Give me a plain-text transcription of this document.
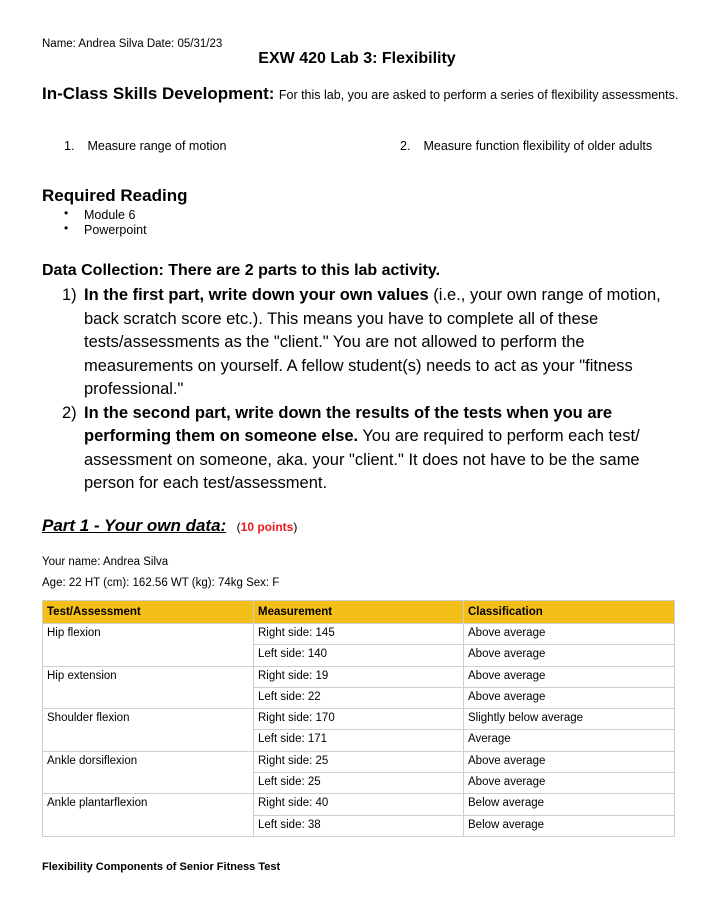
Name: Andrea Silva Date: 05/31/23
EXW 420 Lab 3: Flexibility
In-Class Skills Development: For this lab, you are asked to perform a series of flexibility assessments.
1. Measure range of motion	2. Measure function flexibility of older adults
Required Reading
• Module 6 Powerpoint
•
Data Collection: There are 2 parts to this lab activity.
1) In the first part, write down your own values (i.e., your own range of motion, back scratch score etc.). This means you have to complete all of these tests/assessments as the "client." You are not allowed to perform the measurements on yourself. A fellow student(s) needs to act as your "fitness professional."
2) In the second part, write down the results of the tests when you are performing them on someone else. You are required to perform each test/ assessment on someone, aka. your "client." It does not have to be the same person for each test/assessment.
Part 1 - Your own data: (10 points)
Your name: Andrea Silva
Age: 22 HT (cm): 162.56 WT (kg): 74kg Sex: F
Test/Assessment	Measurement	Classification
Hip flexion	Right side: 145	Above average
	Left side: 140	Above average
Hip extension	Right side: 19	Above average
	Left side: 22	Above average
Shoulder flexion	Right side: 170	Slightly below average
	Left side: 171	Average
Ankle dorsiflexion	Right side: 25	Above average
	Left side: 25	Above average
Ankle plantarflexion	Right side: 40	Below average
	Left side: 38	Below average
Flexibility Components of Senior Fitness Test
